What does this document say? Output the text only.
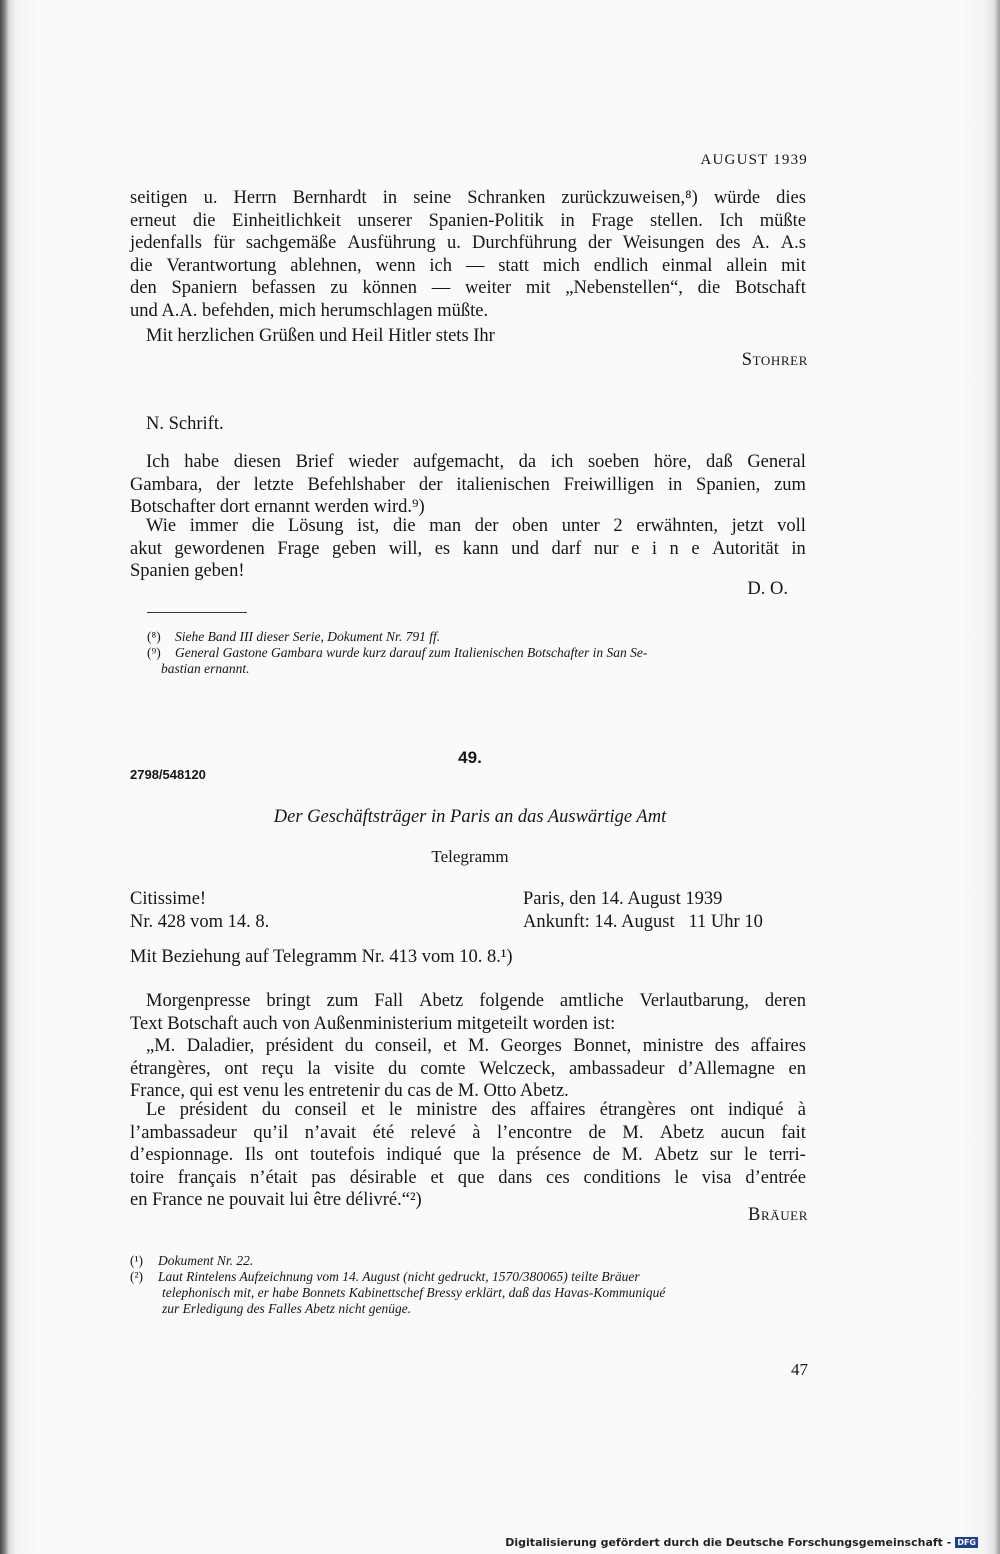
AUGUST 1939
seitigen u. Herrn Bernhardt in seine Schranken zurückzuweisen,⁸) würde dies
erneut die Einheitlichkeit unserer Spanien-Politik in Frage stellen. Ich müßte
jedenfalls für sachgemäße Ausführung u. Durchführung der Weisungen des A. A.s
die Verantwortung ablehnen, wenn ich — statt mich endlich einmal allein mit
den Spaniern befassen zu können — weiter mit „Nebenstellen“, die Botschaft
und A.A. befehden, mich herumschlagen müßte.
Mit herzlichen Grüßen und Heil Hitler stets Ihr
Stohrer
N. Schrift.
Ich habe diesen Brief wieder aufgemacht, da ich soeben höre, daß General
Gambara, der letzte Befehlshaber der italienischen Freiwilligen in Spanien, zum
Botschafter dort ernannt werden wird.⁹)
Wie immer die Lösung ist, die man der oben unter 2 erwähnten, jetzt voll
akut gewordenen Frage geben will, es kann und darf nur e i n e Autorität in
Spanien geben!
D. O.
(⁸) Siehe Band III dieser Serie, Dokument Nr. 791 ff.
(⁹) General Gastone Gambara wurde kurz darauf zum Italienischen Botschafter in San Se-
bastian ernannt.
49.
2798/548120
Der Geschäftsträger in Paris an das Auswärtige Amt
Telegramm
Citissime!
Nr. 428 vom 14. 8.
Paris, den 14. August 1939
Ankunft: 14. August   11 Uhr 10
Mit Beziehung auf Telegramm Nr. 413 vom 10. 8.¹)
Morgenpresse bringt zum Fall Abetz folgende amtliche Verlautbarung, deren
Text Botschaft auch von Außenministerium mitgeteilt worden ist:
„M. Daladier, président du conseil, et M. Georges Bonnet, ministre des affaires
étrangères, ont reçu la visite du comte Welczeck, ambassadeur d’Allemagne en
France, qui est venu les entretenir du cas de M. Otto Abetz.
Le président du conseil et le ministre des affaires étrangères ont indiqué à
l’ambassadeur qu’il n’avait été relevé à l’encontre de M. Abetz aucun fait
d’espionnage. Ils ont toutefois indiqué que la présence de M. Abetz sur le terri-
toire français n’était pas désirable et que dans ces conditions le visa d’entrée
en France ne pouvait lui être délivré.“²)
Bräuer
(¹) Dokument Nr. 22.
(²) Laut Rintelens Aufzeichnung vom 14. August (nicht gedruckt, 1570/380065) teilte Bräuer
telephonisch mit, er habe Bonnets Kabinettschef Bressy erklärt, daß das Havas-Kommuniqué
zur Erledigung des Falles Abetz nicht genüge.
47
Digitalisierung gefördert durch die Deutsche Forschungsgemeinschaft - DFG
